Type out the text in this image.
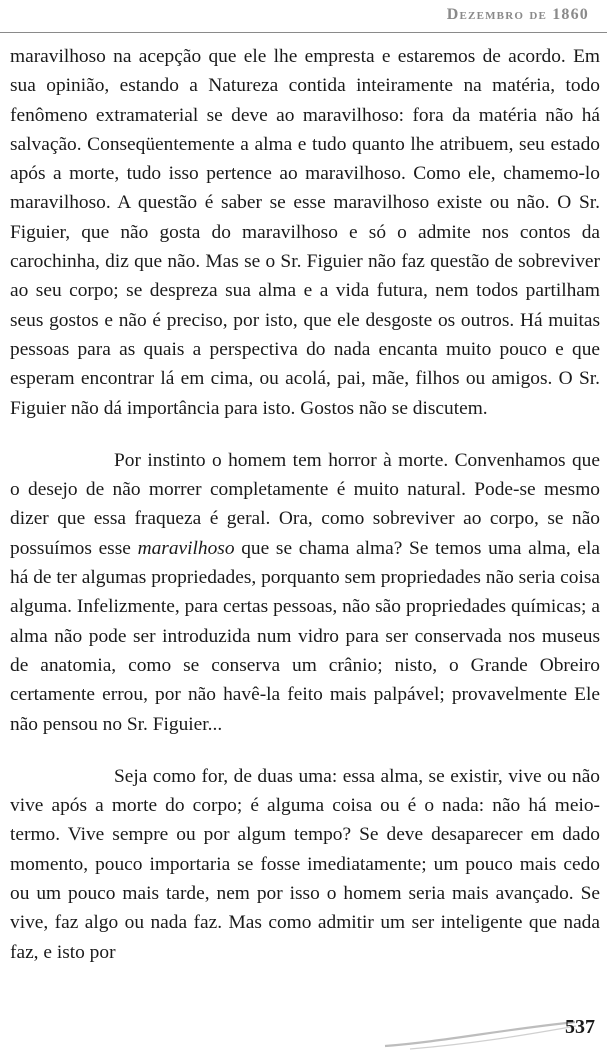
Dezembro de 1860

maravilhoso na acepção que ele lhe empresta e estaremos de acordo. Em sua opinião, estando a Natureza contida inteiramente na matéria, todo fenômeno extramaterial se deve ao maravilhoso: fora da matéria não há salvação. Conseqüentemente a alma e tudo quanto lhe atribuem, seu estado após a morte, tudo isso pertence ao maravilhoso. Como ele, chamemo-lo maravilhoso. A questão é saber se esse maravilhoso existe ou não. O Sr. Figuier, que não gosta do maravilhoso e só o admite nos contos da carochinha, diz que não. Mas se o Sr. Figuier não faz questão de sobreviver ao seu corpo; se despreza sua alma e a vida futura, nem todos partilham seus gostos e não é preciso, por isto, que ele desgoste os outros. Há muitas pessoas para as quais a perspectiva do nada encanta muito pouco e que esperam encontrar lá em cima, ou acolá, pai, mãe, filhos ou amigos. O Sr. Figuier não dá importância para isto. Gostos não se discutem.

Por instinto o homem tem horror à morte. Convenhamos que o desejo de não morrer completamente é muito natural. Pode-se mesmo dizer que essa fraqueza é geral. Ora, como sobreviver ao corpo, se não possuímos esse maravilhoso que se chama alma? Se temos uma alma, ela há de ter algumas propriedades, porquanto sem propriedades não seria coisa alguma. Infelizmente, para certas pessoas, não são propriedades químicas; a alma não pode ser introduzida num vidro para ser conservada nos museus de anatomia, como se conserva um crânio; nisto, o Grande Obreiro certamente errou, por não havê-la feito mais palpável; provavelmente Ele não pensou no Sr. Figuier...

Seja como for, de duas uma: essa alma, se existir, vive ou não vive após a morte do corpo; é alguma coisa ou é o nada: não há meio-termo. Vive sempre ou por algum tempo? Se deve desaparecer em dado momento, pouco importaria se fosse imediatamente; um pouco mais cedo ou um pouco mais tarde, nem por isso o homem seria mais avançado. Se vive, faz algo ou nada faz. Mas como admitir um ser inteligente que nada faz, e isto por

537
